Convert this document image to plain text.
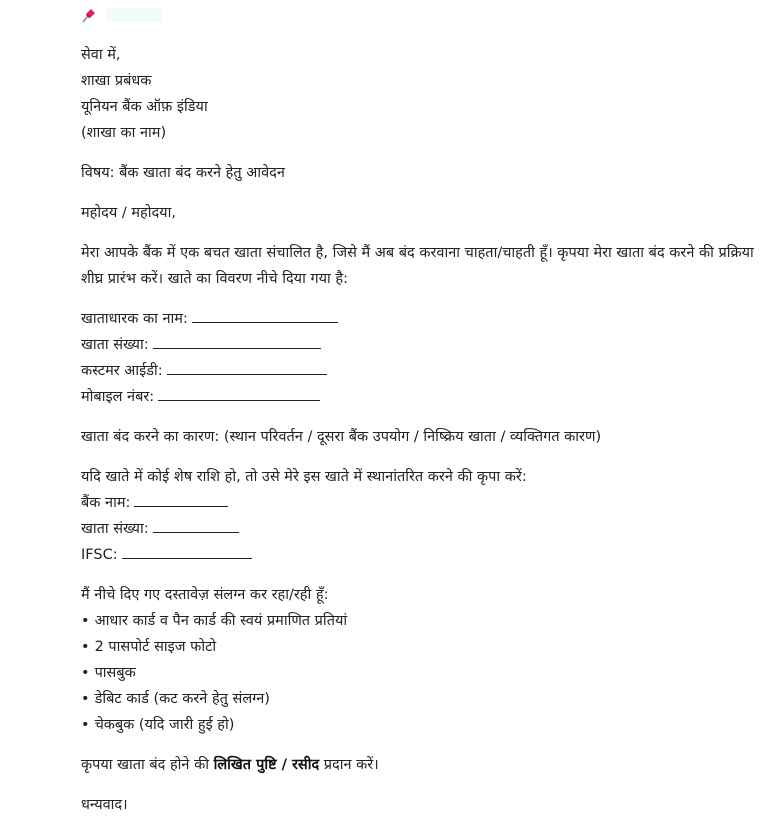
सेवा में,
शाखा प्रबंधक
यूनियन बैंक ऑफ़ इंडिया
(शाखा का नाम)
विषय: बैंक खाता बंद करने हेतु आवेदन
महोदय / महोदया,
मेरा आपके बैंक में एक बचत खाता संचालित है, जिसे मैं अब बंद करवाना चाहता/चाहती हूँ। कृपया मेरा खाता बंद करने की प्रक्रिया शीघ्र प्रारंभ करें। खाते का विवरण नीचे दिया गया है:
खाताधारक का नाम:
खाता संख्या:
कस्टमर आईडी:
मोबाइल नंबर:
खाता बंद करने का कारण: (स्थान परिवर्तन / दूसरा बैंक उपयोग / निष्क्रिय खाता / व्यक्तिगत कारण)
यदि खाते में कोई शेष राशि हो, तो उसे मेरे इस खाते में स्थानांतरित करने की कृपा करें:
बैंक नाम:
खाता संख्या:
IFSC:
मैं नीचे दिए गए दस्तावेज़ संलग्न कर रहा/रही हूँ:
• आधार कार्ड व पैन कार्ड की स्वयं प्रमाणित प्रतियां
• 2 पासपोर्ट साइज फोटो
• पासबुक
• डेबिट कार्ड (कट करने हेतु संलग्न)
• चेकबुक (यदि जारी हुई हो)
कृपया खाता बंद होने की लिखित पुष्टि / रसीद प्रदान करें।
धन्यवाद।
